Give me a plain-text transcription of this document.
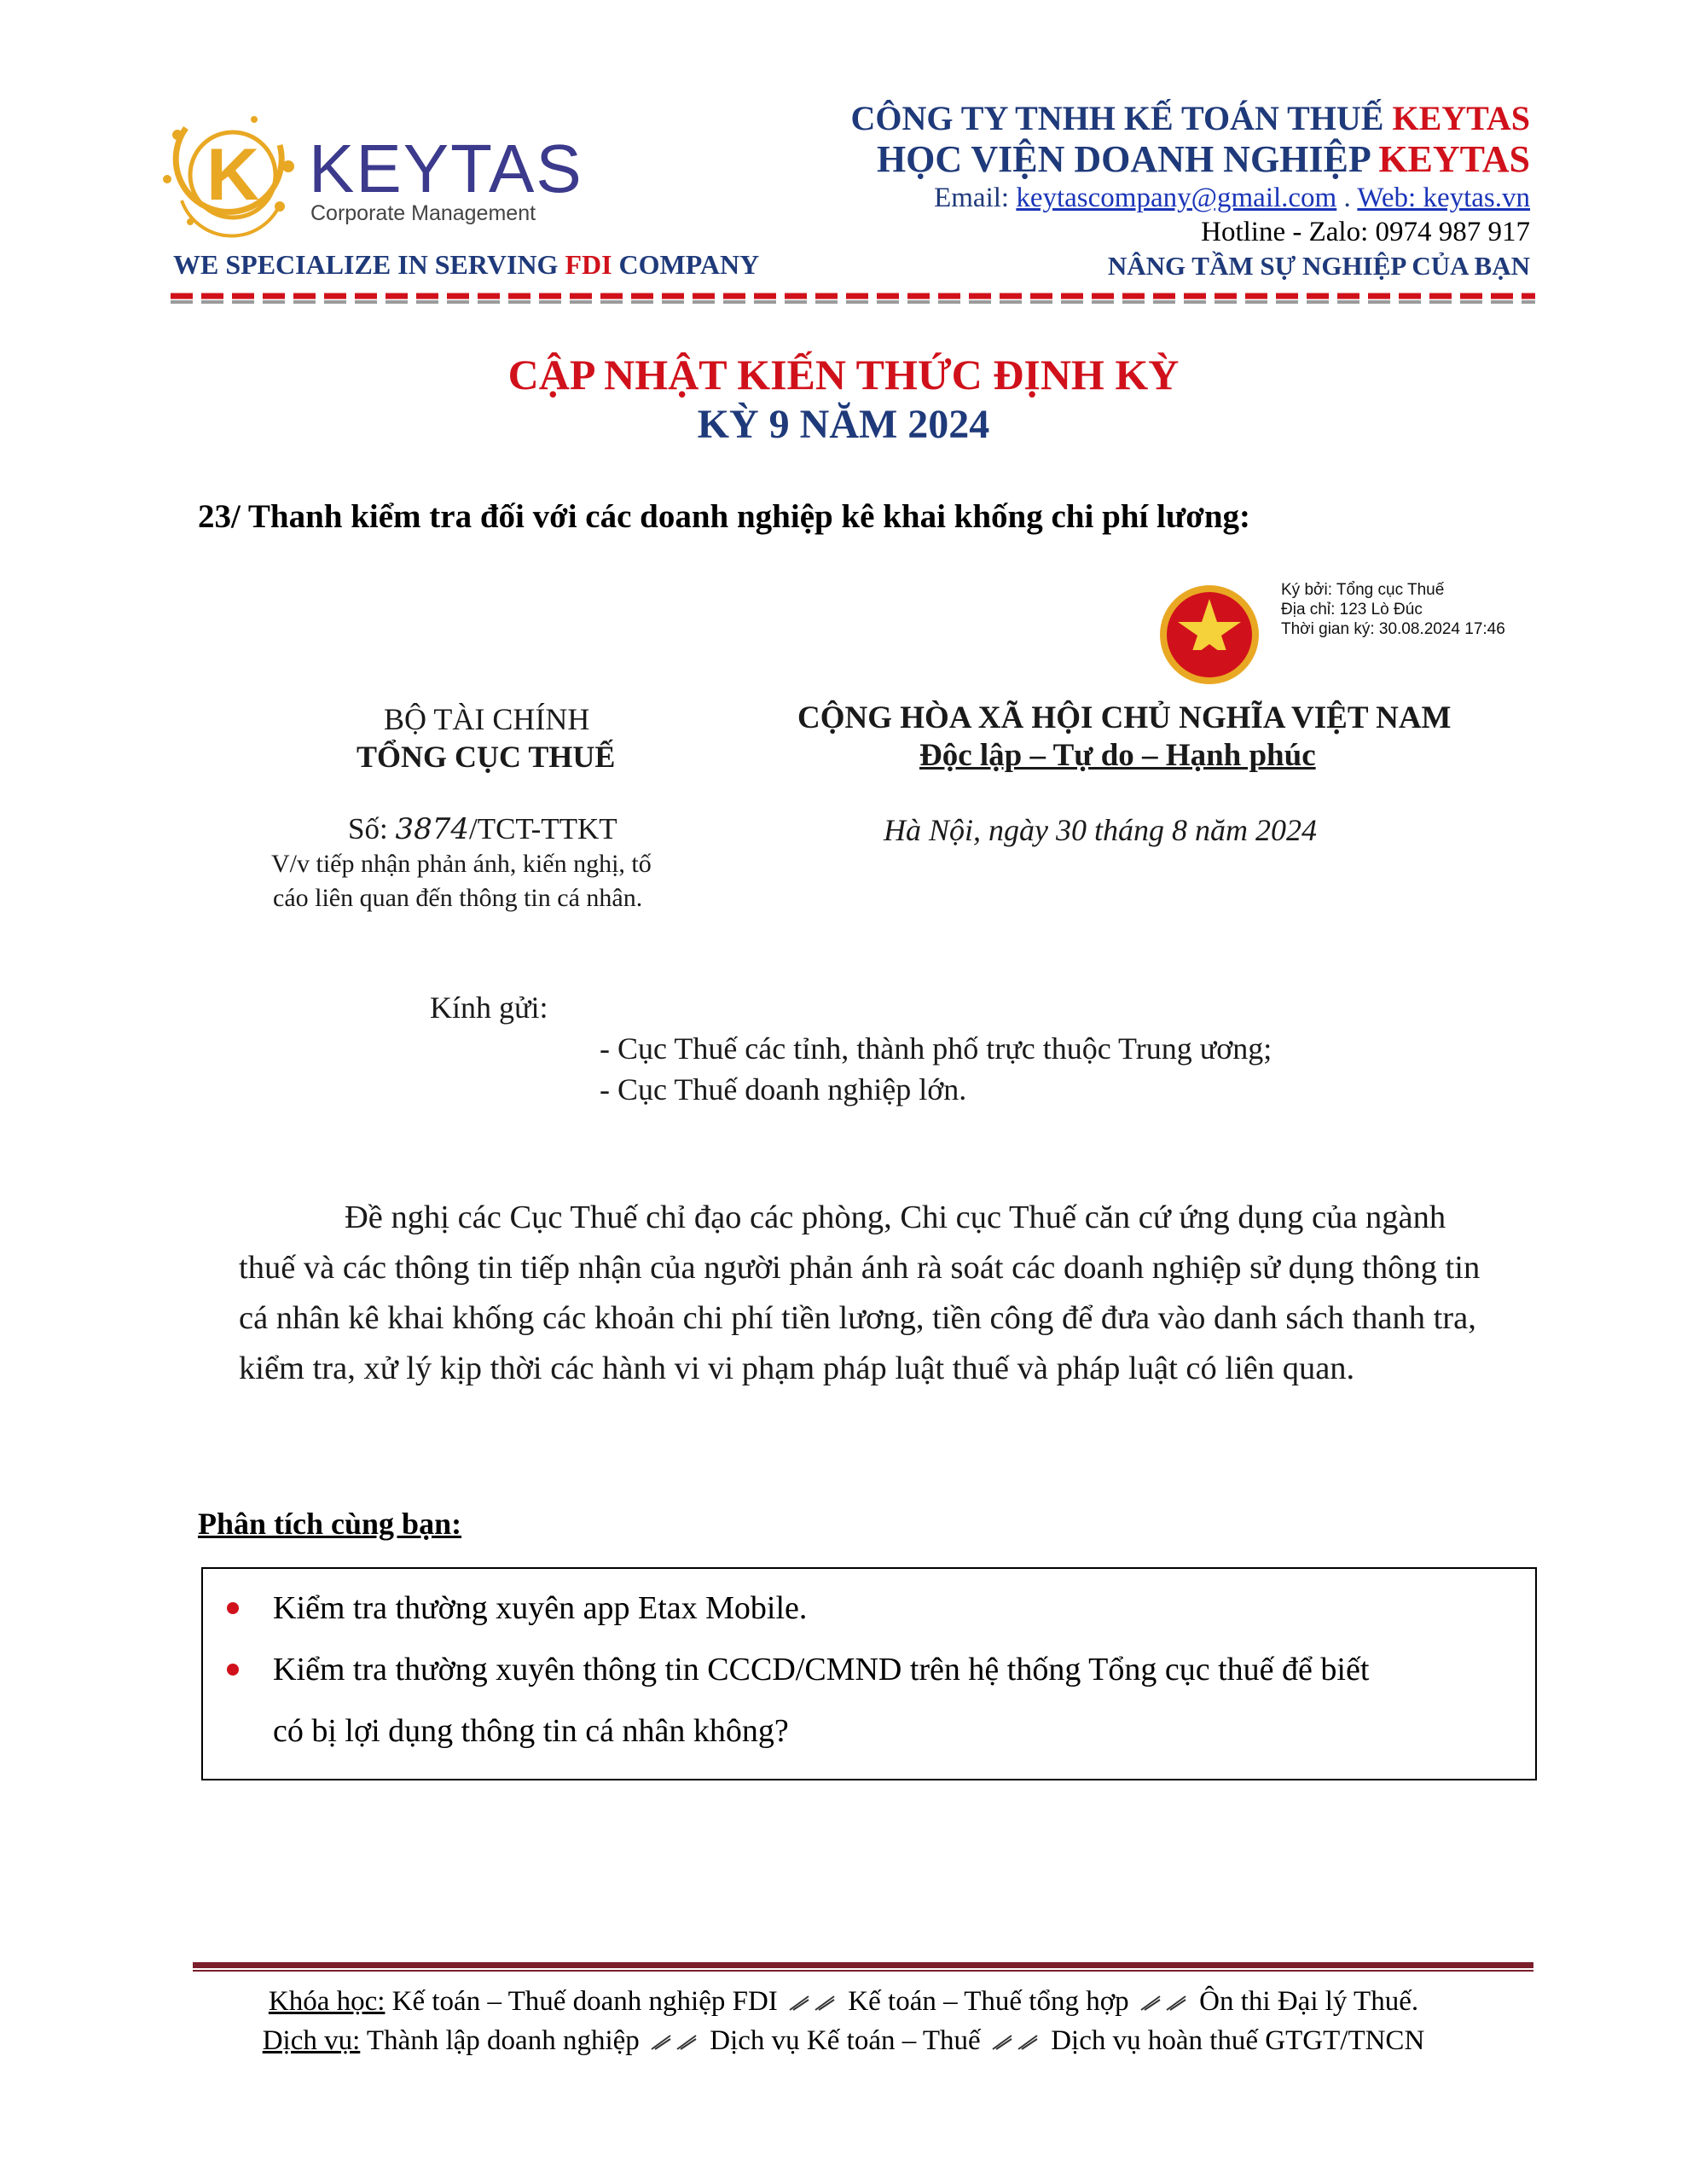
K KEYTAS
Corporate Management
WE SPECIALIZE IN SERVING FDI COMPANY
CÔNG TY TNHH KẾ TOÁN THUẾ KEYTAS
HỌC VIỆN DOANH NGHIỆP KEYTAS
Email: keytascompany@gmail.com . Web: keytas.vn
Hotline - Zalo: 0974 987 917
NÂNG TẦM SỰ NGHIỆP CỦA BẠN
CẬP NHẬT KIẾN THỨC ĐỊNH KỲ
KỲ 9 NĂM 2024
23/ Thanh kiểm tra đối với các doanh nghiệp kê khai khống chi phí lương:
Ký bởi: Tổng cục Thuế
Địa chỉ: 123 Lò Đúc
Thời gian ký: 30.08.2024 17:46
BỘ TÀI CHÍNH
TỔNG CỤC THUẾ
CỘNG HÒA XÃ HỘI CHỦ NGHĨA VIỆT NAM
Độc lập – Tự do – Hạnh phúc
Số: 3874/TCT-TTKT
V/v tiếp nhận phản ánh, kiến nghị, tố
cáo liên quan đến thông tin cá nhân.
Hà Nội, ngày 30 tháng 8 năm 2024
Kính gửi:
- Cục Thuế các tỉnh, thành phố trực thuộc Trung ương;
- Cục Thuế doanh nghiệp lớn.
Đề nghị các Cục Thuế chỉ đạo các phòng, Chi cục Thuế căn cứ ứng dụng của ngành thuế và các thông tin tiếp nhận của người phản ánh rà soát các doanh nghiệp sử dụng thông tin cá nhân kê khai khống các khoản chi phí tiền lương, tiền công để đưa vào danh sách thanh tra, kiểm tra, xử lý kịp thời các hành vi vi phạm pháp luật thuế và pháp luật có liên quan.
Phân tích cùng bạn:
Kiểm tra thường xuyên app Etax Mobile.
Kiểm tra thường xuyên thông tin CCCD/CMND trên hệ thống Tổng cục thuế để biết
có bị lợi dụng thông tin cá nhân không?
Khóa học: Kế toán – Thuế doanh nghiệp FDI  Kế toán – Thuế tổng hợp  Ôn thi Đại lý Thuế.
Dịch vụ: Thành lập doanh nghiệp  Dịch vụ Kế toán – Thuế  Dịch vụ hoàn thuế GTGT/TNCN
